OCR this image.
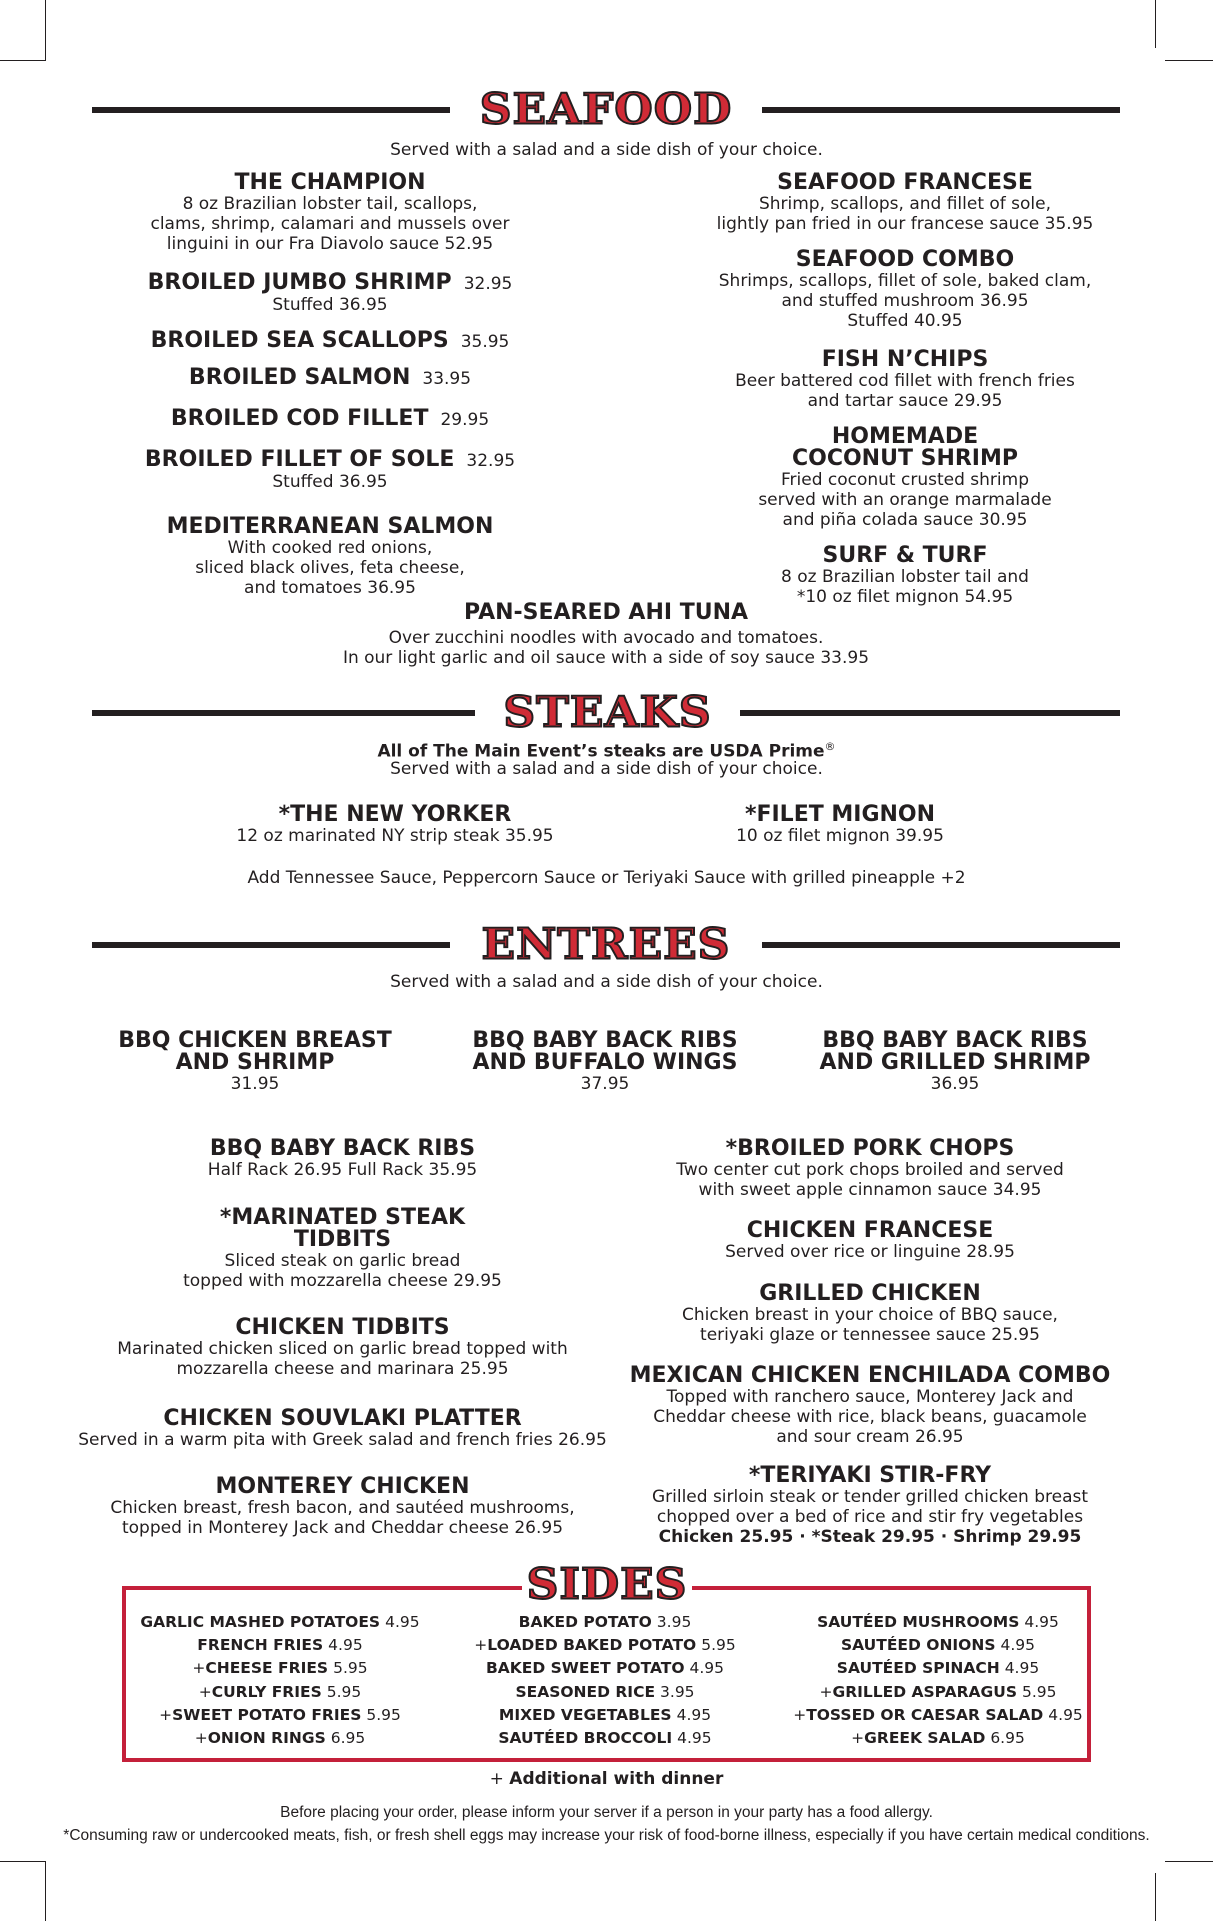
SEAFOOD
Served with a salad and a side dish of your choice.
THE CHAMPION
8 oz Brazilian lobster tail, scallops,
clams, shrimp, calamari and mussels over
linguini in our Fra Diavolo sauce 52.95
BROILED JUMBO SHRIMP 32.95
Stuffed 36.95
BROILED SEA SCALLOPS 35.95
BROILED SALMON 33.95
BROILED COD FILLET 29.95
BROILED FILLET OF SOLE 32.95
Stuffed 36.95
MEDITERRANEAN SALMON
With cooked red onions,
sliced black olives, feta cheese,
and tomatoes 36.95
SEAFOOD FRANCESE
Shrimp, scallops, and fillet of sole,
lightly pan fried in our francese sauce 35.95
SEAFOOD COMBO
Shrimps, scallops, fillet of sole, baked clam,
and stuffed mushroom 36.95
Stuffed 40.95
FISH N’CHIPS
Beer battered cod fillet with french fries
and tartar sauce 29.95
HOMEMADE
COCONUT SHRIMP
Fried coconut crusted shrimp
served with an orange marmalade
and piña colada sauce 30.95
SURF & TURF
8 oz Brazilian lobster tail and
*10 oz filet mignon 54.95
PAN-SEARED AHI TUNA
Over zucchini noodles with avocado and tomatoes.
In our light garlic and oil sauce with a side of soy sauce 33.95
STEAKS
All of The Main Event’s steaks are USDA Prime®
Served with a salad and a side dish of your choice.
*THE NEW YORKER
12 oz marinated NY strip steak 35.95
*FILET MIGNON
10 oz filet mignon 39.95
Add Tennessee Sauce, Peppercorn Sauce or Teriyaki Sauce with grilled pineapple +2
ENTREES
Served with a salad and a side dish of your choice.
BBQ CHICKEN BREAST
AND SHRIMP
31.95
BBQ BABY BACK RIBS
AND BUFFALO WINGS
37.95
BBQ BABY BACK RIBS
AND GRILLED SHRIMP
36.95
BBQ BABY BACK RIBS
Half Rack 26.95 Full Rack 35.95
*MARINATED STEAK
TIDBITS
Sliced steak on garlic bread
topped with mozzarella cheese 29.95
CHICKEN TIDBITS
Marinated chicken sliced on garlic bread topped with
mozzarella cheese and marinara 25.95
CHICKEN SOUVLAKI PLATTER
Served in a warm pita with Greek salad and french fries 26.95
MONTEREY CHICKEN
Chicken breast, fresh bacon, and sautéed mushrooms,
topped in Monterey Jack and Cheddar cheese 26.95
*BROILED PORK CHOPS
Two center cut pork chops broiled and served
with sweet apple cinnamon sauce 34.95
CHICKEN FRANCESE
Served over rice or linguine 28.95
GRILLED CHICKEN
Chicken breast in your choice of BBQ sauce,
teriyaki glaze or tennessee sauce 25.95
MEXICAN CHICKEN ENCHILADA COMBO
Topped with ranchero sauce, Monterey Jack and
Cheddar cheese with rice, black beans, guacamole
and sour cream 26.95
*TERIYAKI STIR-FRY
Grilled sirloin steak or tender grilled chicken breast
chopped over a bed of rice and stir fry vegetables
Chicken 25.95 · *Steak 29.95 · Shrimp 29.95
SIDES
GARLIC MASHED POTATOES 4.95
FRENCH FRIES 4.95
+CHEESE FRIES 5.95
+CURLY FRIES 5.95
+SWEET POTATO FRIES 5.95
+ONION RINGS 6.95
BAKED POTATO 3.95
+LOADED BAKED POTATO 5.95
BAKED SWEET POTATO 4.95
SEASONED RICE 3.95
MIXED VEGETABLES 4.95
SAUTÉED BROCCOLI 4.95
SAUTÉED MUSHROOMS 4.95
SAUTÉED ONIONS 4.95
SAUTÉED SPINACH 4.95
+GRILLED ASPARAGUS 5.95
+TOSSED OR CAESAR SALAD 4.95
+GREEK SALAD 6.95
+ Additional with dinner
Before placing your order, please inform your server if a person in your party has a food allergy.
*Consuming raw or undercooked meats, fish, or fresh shell eggs may increase your risk of food-borne illness, especially if you have certain medical conditions.
